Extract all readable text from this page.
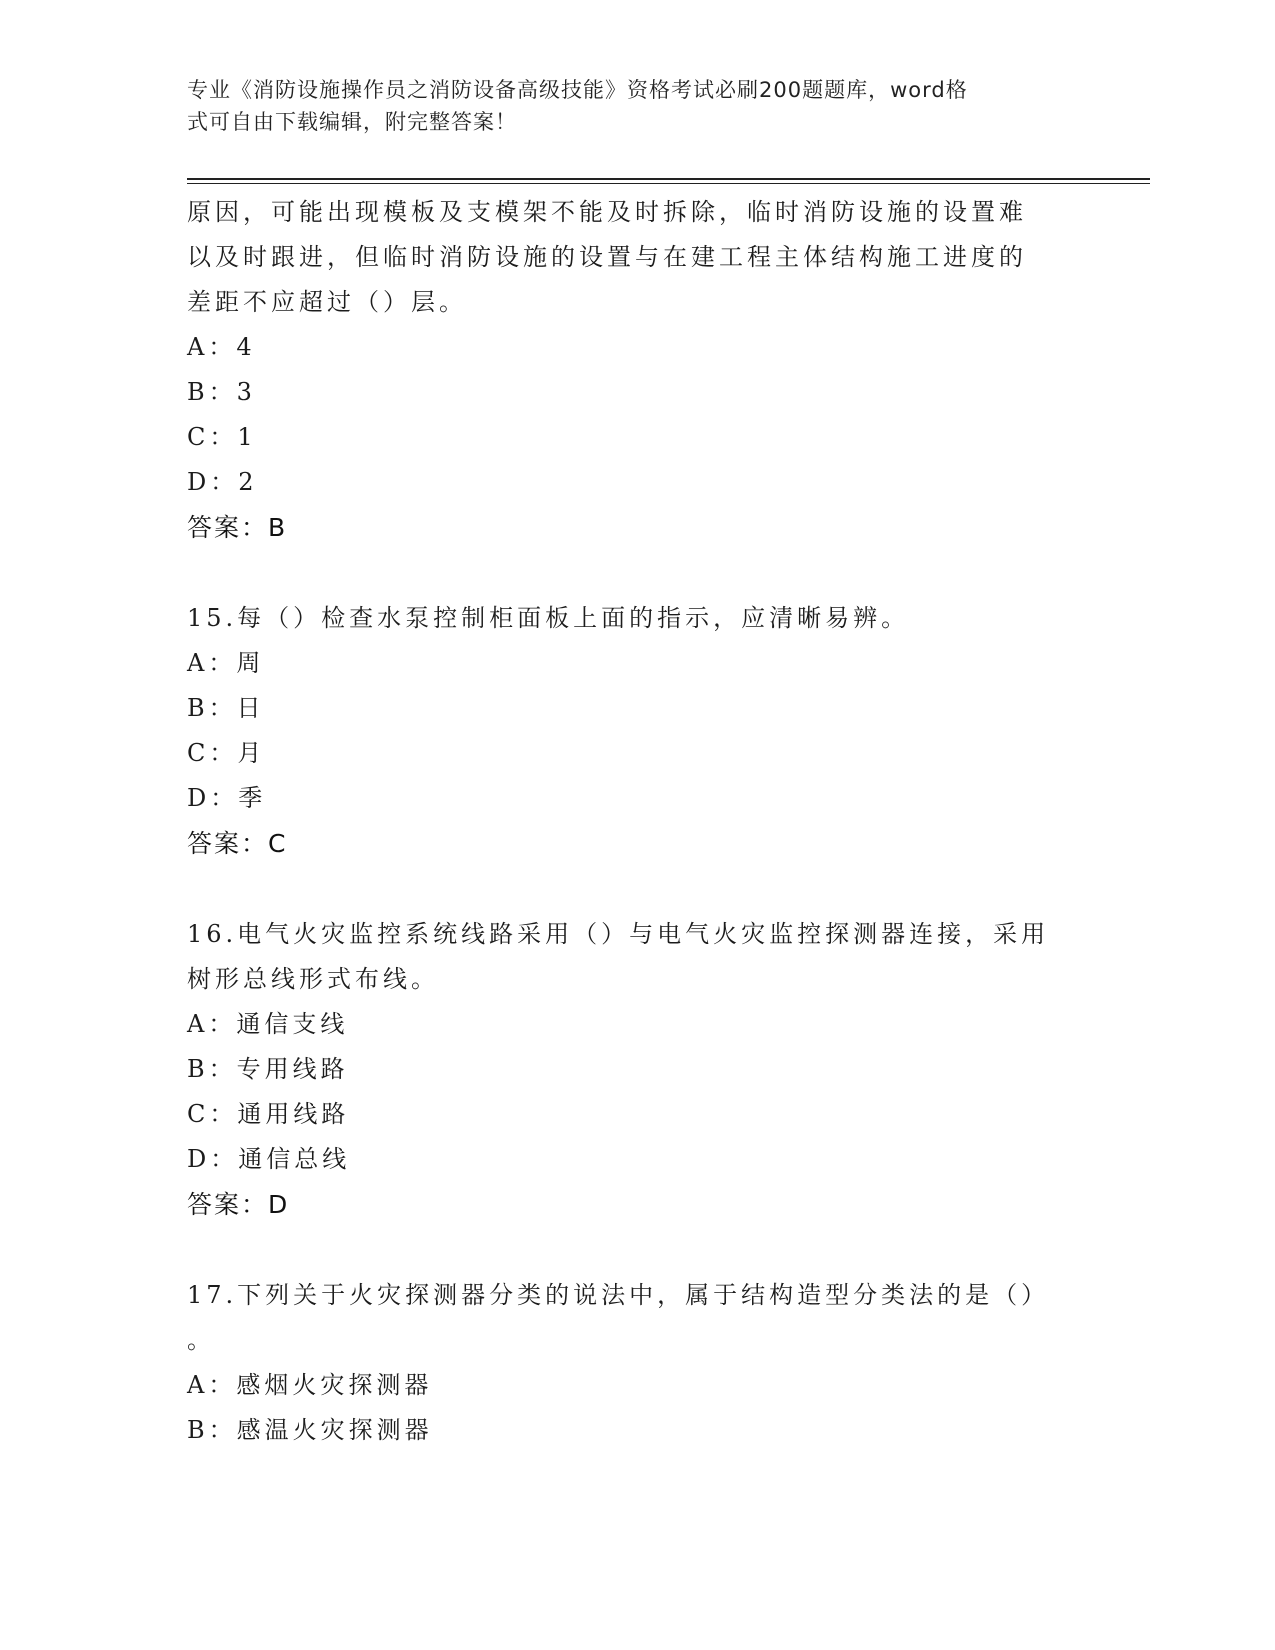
专业《消防设施操作员之消防设备高级技能》资格考试必刷200题题库，word格
式可自由下载编辑，附完整答案！
原因，可能出现模板及支模架不能及时拆除，临时消防设施的设置难
以及时跟进，但临时消防设施的设置与在建工程主体结构施工进度的
差距不应超过（）层。
A：4
B：3
C：1
D：2
答案：B
15.每（）检查水泵控制柜面板上面的指示，应清晰易辨。
A：周
B：日
C：月
D：季
答案：C
16.电气火灾监控系统线路采用（）与电气火灾监控探测器连接，采用
树形总线形式布线。
A：通信支线
B：专用线路
C：通用线路
D：通信总线
答案：D
17.下列关于火灾探测器分类的说法中，属于结构造型分类法的是（）
。
A：感烟火灾探测器
B：感温火灾探测器
